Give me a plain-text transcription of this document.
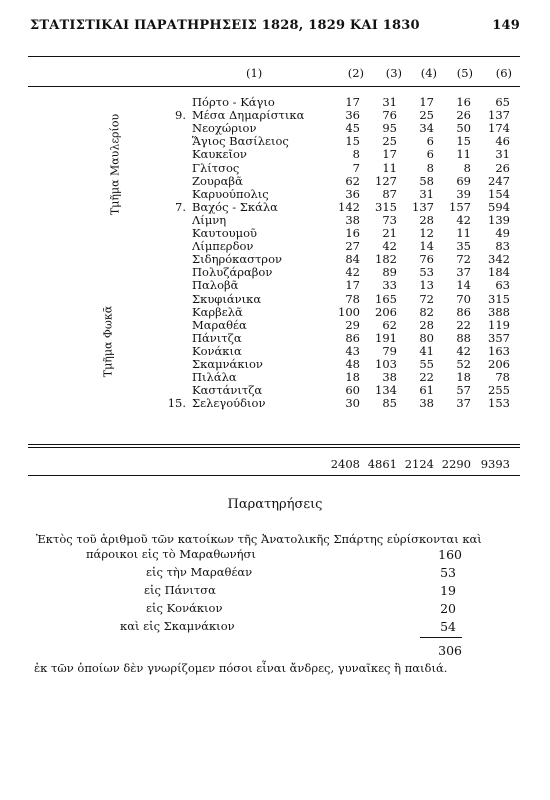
ΣΤΑΤΙΣΤΙΚΑΙ ΠΑΡΑΤΗΡΗΣΕΙΣ 1828, 1829 ΚΑΙ 1830	149
(1)	(2)	(3)	(4)	(5)	(6)
Τμῆμα Μαυλερίου
Τμῆμα Φωκᾶ
Πόρτο - Κάγιο	17	31	17	16	65
9. Μέσα Δημαρίστικα	36	76	25	26	137
Νεοχώριον	45	95	34	50	174
Ἅγιος Βασίλειος	15	25	6	15	46
Καυκεῖον	8	17	6	11	31
Γλίτσος	7	11	8	8	26
Ζουραβᾶ	62	127	58	69	247
Καρυούπολις	36	87	31	39	154
7. Βαχός - Σκάλα	142	315	137	157	594
Λίμνη	38	73	28	42	139
Καυτουμοῦ	16	21	12	11	49
Λίμπερδον	27	42	14	35	83
Σιδηρόκαστρον	84	182	76	72	342
Πολυζάραβον	42	89	53	37	184
Παλοβᾶ	17	33	13	14	63
Σκυφιάνικα	78	165	72	70	315
Καρβελᾶ	100	206	82	86	388
Μαραθέα	29	62	28	22	119
Πάνιτζα	86	191	80	88	357
Κονάκια	43	79	41	42	163
Σκαμνάκιον	48	103	55	52	206
Πιλάλα	18	38	22	18	78
Καστάνιτζα	60	134	61	57	255
15. Σελεγούδιον	30	85	38	37	153
2408 4861 2124 2290 9393
Παρατηρήσεις
Ἐκτὸς τοῦ ἀριθμοῦ τῶν κατοίκων τῆς Ἀνατολικῆς Σπάρτης εὑρίσκονται καὶ
πάροικοι εἰς τὸ Μαραθωνήσι	160
εἰς τὴν Μαραθέαν	53
εἰς Πάνιτσα	19
εἰς Κονάκιον	20
καὶ εἰς Σκαμνάκιον	54
306
ἐκ τῶν ὁποίων δὲν γνωρίζομεν πόσοι εἶναι ἄνδρες, γυναῖκες ἢ παιδιά.
